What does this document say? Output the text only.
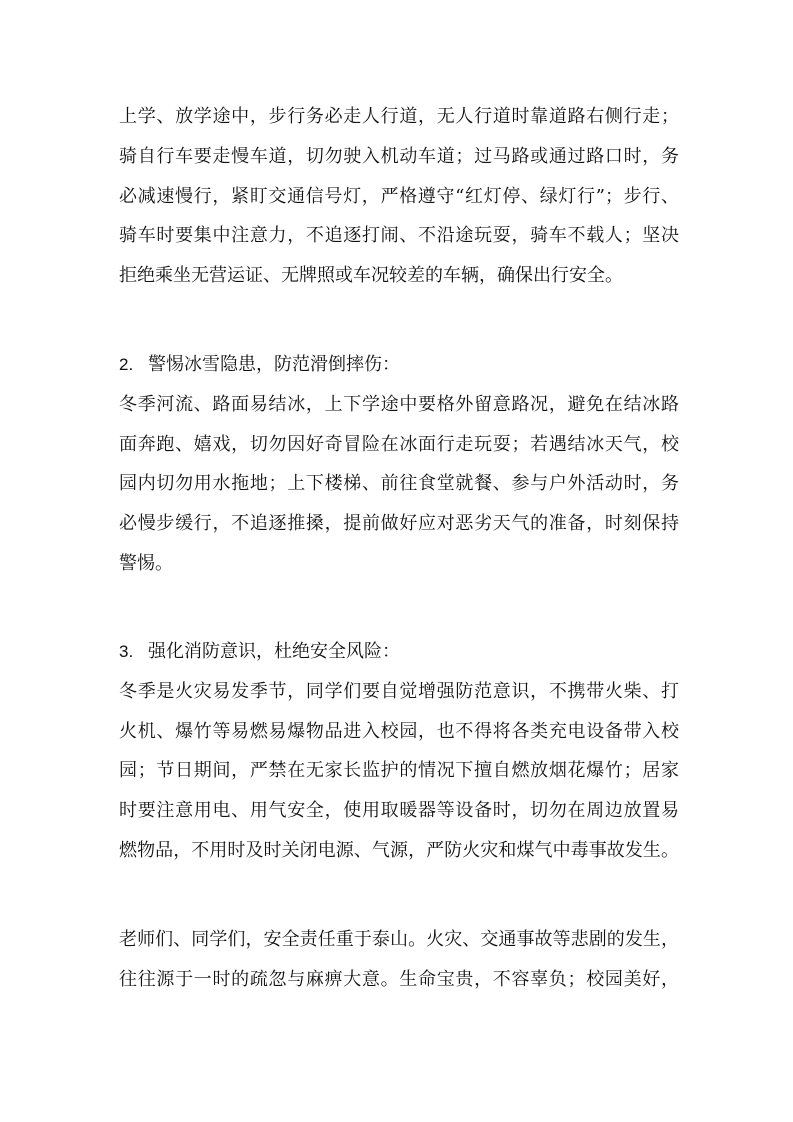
上学、放学途中，步行务必走人行道，无人行道时靠道路右侧行走；
骑自行车要走慢车道，切勿驶入机动车道；过马路或通过路口时，务
必减速慢行，紧盯交通信号灯，严格遵守“红灯停、绿灯行”；步行、
骑车时要集中注意力，不追逐打闹、不沿途玩耍，骑车不载人；坚决
拒绝乘坐无营运证、无牌照或车况较差的车辆，确保出行安全。
2. 警惕冰雪隐患，防范滑倒摔伤：
冬季河流、路面易结冰，上下学途中要格外留意路况，避免在结冰路
面奔跑、嬉戏，切勿因好奇冒险在冰面行走玩耍；若遇结冰天气，校
园内切勿用水拖地；上下楼梯、前往食堂就餐、参与户外活动时，务
必慢步缓行，不追逐推搡，提前做好应对恶劣天气的准备，时刻保持
警惕。
3. 强化消防意识，杜绝安全风险：
冬季是火灾易发季节，同学们要自觉增强防范意识，不携带火柴、打
火机、爆竹等易燃易爆物品进入校园，也不得将各类充电设备带入校
园；节日期间，严禁在无家长监护的情况下擅自燃放烟花爆竹；居家
时要注意用电、用气安全，使用取暖器等设备时，切勿在周边放置易
燃物品，不用时及时关闭电源、气源，严防火灾和煤气中毒事故发生。
老师们、同学们，安全责任重于泰山。火灾、交通事故等悲剧的发生，
往往源于一时的疏忽与麻痹大意。生命宝贵，不容辜负；校园美好，
